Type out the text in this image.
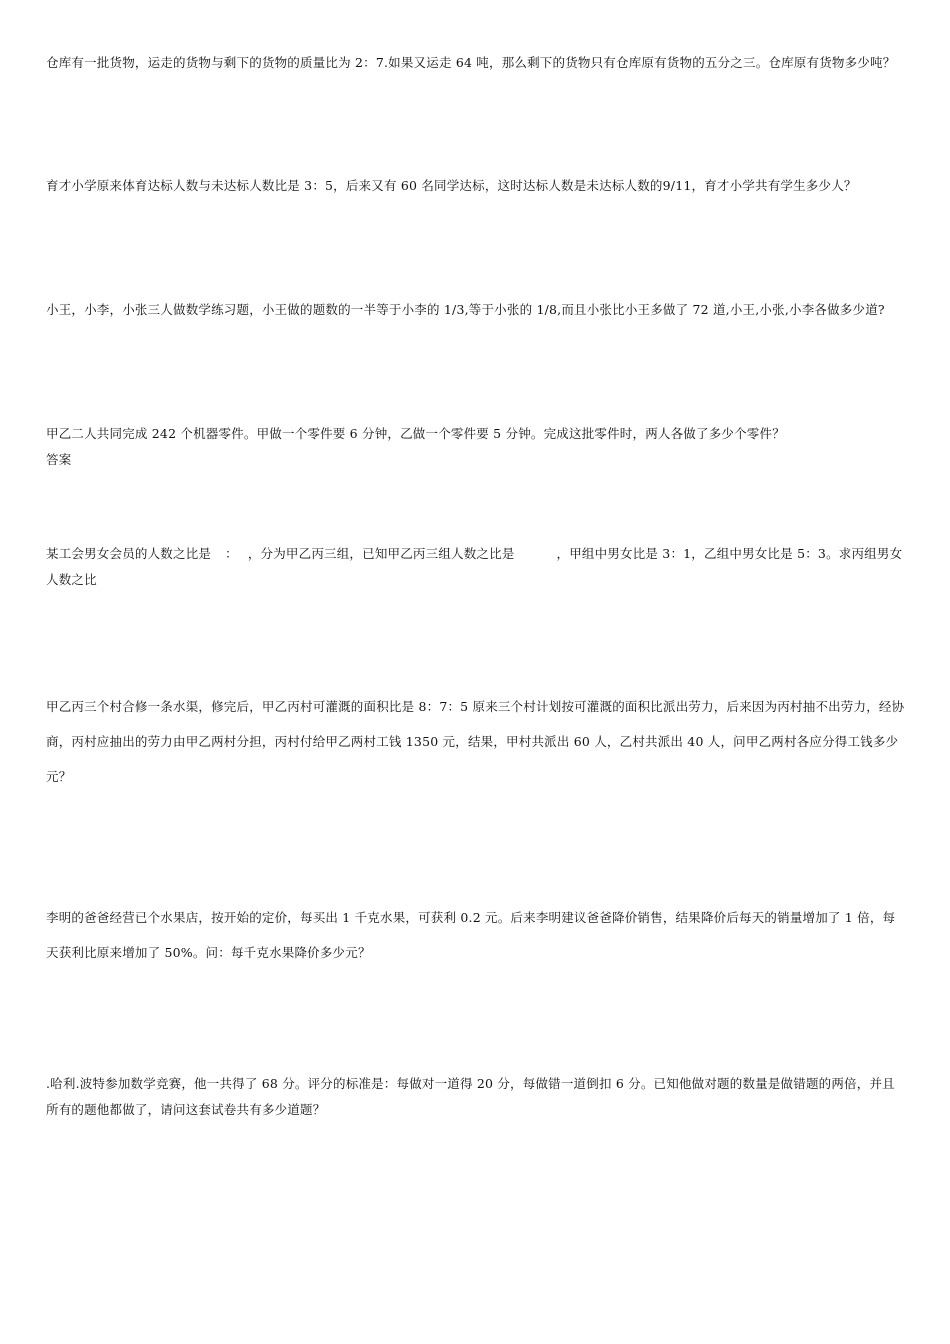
仓库有一批货物，运走的货物与剩下的货物的质量比为 2：7.如果又运走 64 吨，那么剩下的货物只有仓库原有货物的五分之三。仓库原有货物多少吨？

育才小学原来体育达标人数与未达标人数比是 3：5，后来又有 60 名同学达标，这时达标人数是未达标人数的9/11，育才小学共有学生多少人？

小王，小李，小张三人做数学练习题，小王做的题数的一半等于小李的 1/3,等于小张的 1/8,而且小张比小王多做了 72 道,小王,小张,小李各做多少道?

甲乙二人共同完成 242 个机器零件。甲做一个零件要 6 分钟，乙做一个零件要 5 分钟。完成这批零件时，两人各做了多少个零件？

答案

某工会男女会员的人数之比是 ： ，分为甲乙丙三组，已知甲乙丙三组人数之比是	，甲组中男女比是 3：1，乙组中男女比是 5：3。求丙组男女人数之比

甲乙丙三个村合修一条水渠，修完后，甲乙丙村可灌溉的面积比是 8：7：5 原来三个村计划按可灌溉的面积比派出劳力，后来因为丙村抽不出劳力，经协商，丙村应抽出的劳力由甲乙两村分担，丙村付给甲乙两村工钱 1350 元，结果，甲村共派出 60 人，乙村共派出 40 人，问甲乙两村各应分得工钱多少元？

李明的爸爸经营已个水果店，按开始的定价，每买出 1 千克水果，可获利 0.2 元。后来李明建议爸爸降价销售，结果降价后每天的销量增加了 1 倍，每天获利比原来增加了 50%。问：每千克水果降价多少元？

.哈利.波特参加数学竞赛，他一共得了 68 分。评分的标准是：每做对一道得 20 分，每做错一道倒扣 6 分。已知他做对题的数量是做错题的两倍，并且所有的题他都做了，请问这套试卷共有多少道题？
